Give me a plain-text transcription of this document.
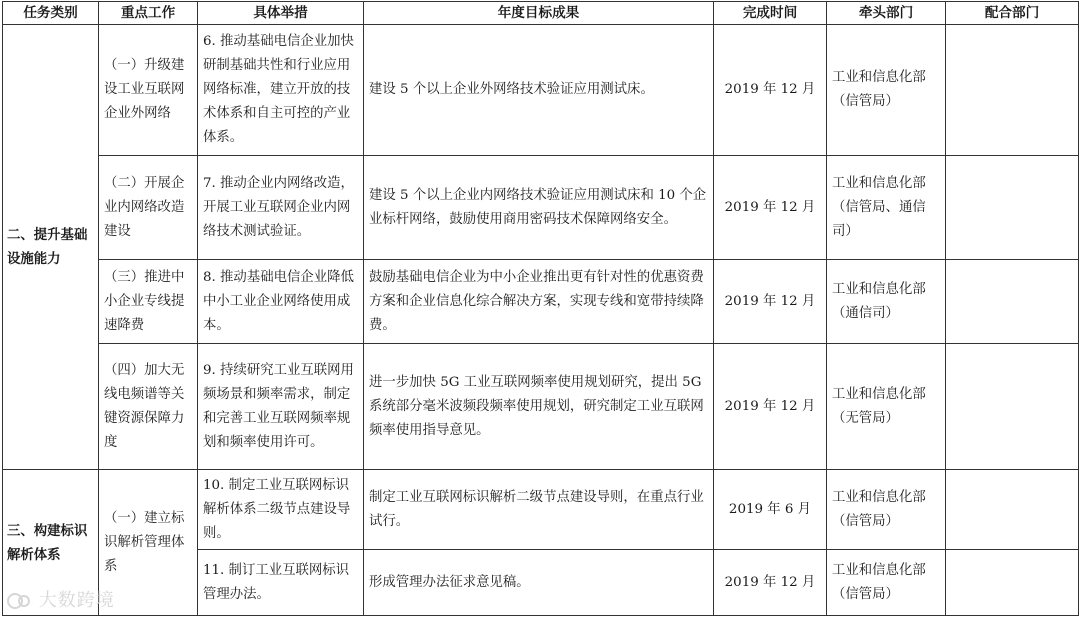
任务类别	重点工作	具体举措	年度目标成果	完成时间	牵头部门	配合部门
二、提升基础设施能力	（一）升级建设工业互联网企业外网络	6. 推动基础电信企业加快研制基础共性和行业应用网络标准，建立开放的技术体系和自主可控的产业体系。	建设 5 个以上企业外网络技术验证应用测试床。	2019 年 12 月	工业和信息化部（信管局）	
	（二）开展企业内网络改造建设	7. 推动企业内网络改造，开展工业互联网企业内网络技术测试验证。	建设 5 个以上企业内网络技术验证应用测试床和 10 个企业标杆网络，鼓励使用商用密码技术保障网络安全。	2019 年 12 月	工业和信息化部（信管局、通信司）	
	（三）推进中小企业专线提速降费	8. 推动基础电信企业降低中小工业企业网络使用成本。	鼓励基础电信企业为中小企业推出更有针对性的优惠资费方案和企业信息化综合解决方案，实现专线和宽带持续降费。	2019 年 12 月	工业和信息化部（通信司）	
	（四）加大无线电频谱等关键资源保障力度	9. 持续研究工业互联网用频场景和频率需求，制定和完善工业互联网频率规划和频率使用许可。	进一步加快 5G 工业互联网频率使用规划研究，提出 5G 系统部分毫米波频段频率使用规划，研究制定工业互联网频率使用指导意见。	2019 年 12 月	工业和信息化部（无管局）	
三、构建标识解析体系	（一）建立标识解析管理体系	10. 制定工业互联网标识解析体系二级节点建设导则。	制定工业互联网标识解析二级节点建设导则，在重点行业试行。	2019 年 6 月	工业和信息化部（信管局）	
		11. 制订工业互联网标识管理办法。	形成管理办法征求意见稿。	2019 年 12 月	工业和信息化部（信管局）	
大数跨境
